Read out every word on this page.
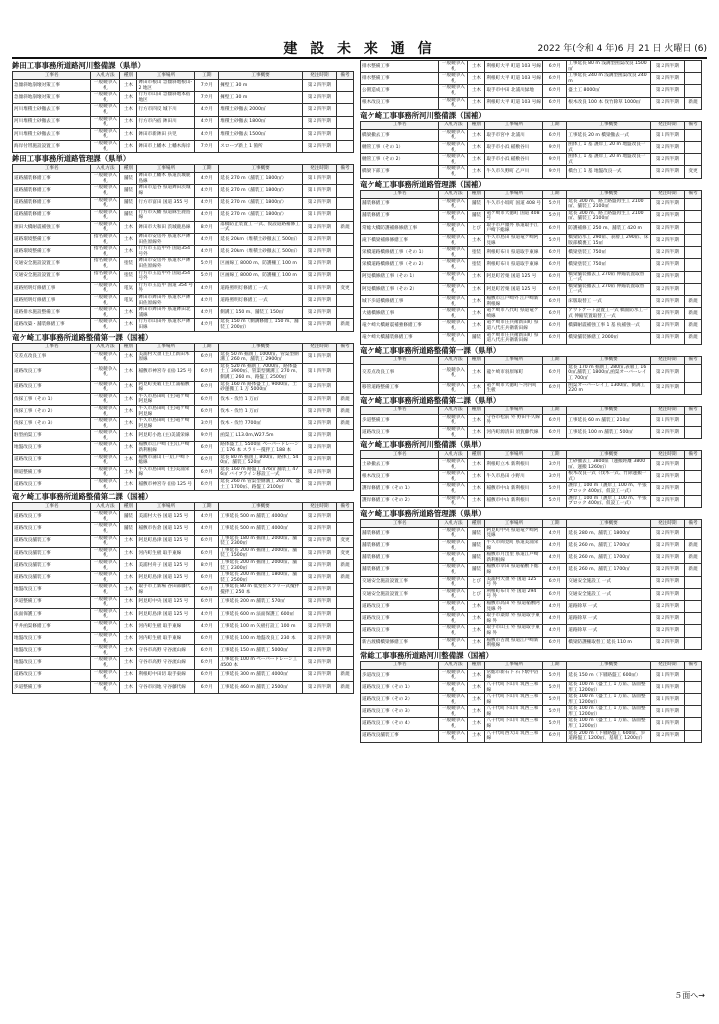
建 設 未 来 通 信	2022 年(令和 4 年)6 月 21 日 火曜日 (6)
鉾田工事事務所道路河川整備課（県単）
工事名	入札方法	種別	工事場所	工期	工事概要	発注時期	備考
急傾斜地崩壊対策工事	一般競争入札	土木	鉾田市根山 急傾斜地根山-2 地区	7カ月	擁壁工 30 m	第２四半期	
急傾斜地崩壊対策工事	一般競争入札	土木	行方市山田 急傾斜地本宿地区	7カ月	擁壁工 30 m	第２四半期	
河川堆積土砂撤去工事	一般競争入札	土木	行方市四反 城下川	4カ月	堆積土砂撤去 2000㎥	第２四半期	
河川堆積土砂撤去工事	一般競争入札	土木	行方市内宿 鉾田川	4カ月	堆積土砂撤去 1800㎥	第２四半期	
河川堆積土砂撤去工事	一般競争入札	土木	鉾田市新鉾田 兵児	4カ月	堆積土砂撤去 1500㎥	第２四半期	
海岸付帯施設設置工事	一般競争入札	土木	鉾田市上幡木 上幡木海岸	7カ月	スロープ新上 1 箇所	第２四半期	
鉾田工事事務所道路管理課（県単）
工事名	入札方法	種別	工事場所	工期	工事概要	発注時期	備考
道路舗装修繕工事	一般競争入札	舗装	鉾田市上幡木 県道茨城鹿島線	4カ月	延長 270 m（舗装工 1800㎡）	第１四半期	
道路舗装修繕工事	一般競争入札	舗装	鉾田市造谷 県道鉾田茨城線	4カ月	延長 270 m（舗装工 1800㎡）	第１四半期	
道路舗装修繕工事	一般競争入札	舗装	行方市富田 国道 355 号	4カ月	延長 270 m（舗装工 1800㎡）	第２四半期	
道路舗装修繕工事	一般競争入札	舗装	行方市矢幡 県道麻生鹿島線	4カ月	延長 270 m（舗装工 1800㎡）	第１四半期	
須田大橋耐震補強工事	一般競争入札	土木	鉾田市大和田 茨城鹿島線	8カ月	落橋防止装置工 一式、仮設道路補修工 一式	第２四半期	新規
道路環境整備工事	指名競争入札	土木	鉾田市安房外 県道水戸鉾田佐原線外	4カ月	延長 20km（堆積土砂撤去工 500㎥）	第２四半期	
道路環境整備工事	指名競争入札	土木	行方市玉造甲外 国道354号外	4カ月	延長 20km（堆積土砂撤去工 500㎥）	第２四半期	
交通安全施設設置工事	指名競争入札	塗装	鉾田市安房外 県道水戸鉾田佐原線外	5カ月	区画線工 8000 m、防護柵工 100 m	第２四半期	
交通安全施設設置工事	指名競争入札	塗装	行方市玉造甲外 国道354号外	5カ月	区画線工 8000 m、防護柵工 100 m	第２四半期	
道路照明灯修繕工事	一般競争入札	電気	行方市玉造甲 国道 354 号外	4カ月	道路照明灯修繕工 一式	第１四半期	変更
道路照明灯修繕工事	一般競争入札	電気	鉾田市鉾田外 県道水戸鉾田佐原線外	4カ月	道路照明灯修繕工 一式	第２四半期	
道路排水施設整備工事	一般競争入札	土木	鉾田市鉾田外 県道鉾田北浦線	4カ月	側溝工 150 m、舗装工 150㎡	第２四半期	
道路改築・舗装修繕工事	一般競争入札	土木	行方市山田外 県道水戸鉾田線	4カ月	延長 150 m（側溝修繕工 150 m、舗装工 200㎡）	第２四半期	新規
竜ケ崎工事事務所道路整備第一課（国補）
工事名	入札方法	種別	工事場所	工期	工事概要	発注時期	備考
交差点改良工事	一般競争入札	土木	美浦村大須 (主)上新田木原線	6カ月	延長 50 m 掘削工 1000㎥、管渠型側溝工 260 m、舗装工 2900㎡	第１四半期	
道路改良工事	一般競争入札	土木	稲敷市神宮寺 (国) 125 号	6カ月	延長 520 m 掘削工 7000㎥、路体盛土工 3900㎥、管渠型側溝工 270 m、側溝工 260 m、路盤工 2500㎡	第１四半期	
道路改良工事	一般競争入札	土木	阿見町実穀 (主)土浦稲敷線	6カ月	延長 160 m 路体盛土工 9000㎥、土砂運搬工 1 万 5000㎥	第２四半期	
伐採工事（その 1）	一般競争入札	土木	牛久市島田町 (主)竜ケ崎阿見線	6カ月	伐木・伐竹 1 万㎡	第２四半期	新規
伐採工事（その 2）	一般競争入札	土木	牛久市島田町 (主)竜ケ崎阿見線	6カ月	伐木・伐竹 1 万㎡	第２四半期	新規
伐採工事（その 3）	一般競争入札	土木	牛久市島田町 (主)竜ケ崎阿見線	3カ月	伐木・伐竹 7700㎡	第２四半期	新規
駐型函渠工事	一般競争入札	土木	阿見町小池 (主)美浦栄線	9カ月	函渠工 L13.0m,W27.5m	第２四半期	
地盤改良工事	一般競争入札	土木	稲敷市江戸崎 (主)江戸崎新利根線	6カ月	路体盛土工 5500㎥ ペーパードレーン工 176 本 スラリー撹拌工 188 本	第２四半期	
道路改良工事	一般競争入札	土木	稲敷市蒲山 (一)江戸崎下総線	6カ月	延長 80 m 掘削工 800㎥、路体工 540㎥、舗装工 520㎡	第２四半期	
側道整備工事	一般競争入札	土木	牛久市島田町 (主)美浦栄線	6カ月	延長 160 m 路盤工 476㎡ 舗装工 476㎡ バイブライン移設工一式	第２四半期	
道路改良工事	一般競争入札	土木	稲敷市神宮寺 (国) 125 号	6カ月	延長 260 m 管渠型側溝工 260 m、盛土工 1700㎥、路盤工 2100㎡	第２四半期	
竜ケ崎工事事務所道路整備第二課（国補）
工事名	入札方法	種別	工事場所	工期	工事概要	発注時期	備考
道路改良工事	一般競争入札	舗装	美浦村大谷 国道 125 号	4カ月	工事延長 500 m 舗装工 4000㎡	第２四半期	
道路改良工事	一般競争入札	舗装	稲敷市佐倉 国道 125 号	4カ月	工事延長 500 m 舗装工 4000㎡	第２四半期	
道路改良舗装工事	一般競争入札	土木	阿見町島津 国道 125 号	6カ月	工事延長 180 m 掘削工 2000㎥、舗装工 2300㎡	第２四半期	変更
道路改良舗装工事	一般競争入札	土木	河内町生板 取手東線	6カ月	工事延長 200 m 掘削工 2000㎥、舗装工 1500㎡	第２四半期	変更
道路改良舗装工事	一般競争入札	土木	美浦村舟子 国道 125 号	8カ月	工事延長 200 m 掘削工 2000㎥、舗装工 2300㎡	第２四半期	新規
道路改良舗装工事	一般競争入札	土木	阿見町島津 国道 125 号	6カ月	工事延長 200 m 掘削工 1800㎥、舗装工 2500㎡	第２四半期	新規
地盤改良工事	一般競争入札	土木	取手市上新場 谷田部藤代線	6カ月	工事延長 80 m 低变位スラリー式攪拌撹拌工 250 本	第２四半期	
歩道整備工事	一般競争入札	土木	阿見町中央 国道 125 号	6カ月	工事延長 200 m 舗装工 570㎡	第２四半期	
法面保護工事	一般競争入札	土木	阿見町島津 国道 125 号	4カ月	工事延長 600 m 法面保護工 600㎡	第２四半期	
平井函渠修繕工事	一般競争入札	土木	河内町生板 取手東線	4カ月	工事延長 100 m 矢板打設工 100 m	第２四半期	
地盤改良工事	一般競争入札	土木	河内町生板 取手東線	6カ月	工事延長 100 m 地盤改良工 230 本	第２四半期	
地盤改良工事	一般競争入札	土木	守谷市高野 守谷流山線	6カ月	工事延長 150 m 舗装工 5000㎡	第２四半期	
地盤改良工事	一般競争入札	土木	守谷市高野 守谷流山線	6カ月	工事延長 100 m ペーパードレーン工 4500 本	第２四半期	
道路改良工事	一般競争入札	土木	利根町中田切 取手東線	6カ月	工事延長 300 m 舗装工 4000㎡	第２四半期	新規
歩道整備工事	一般競争入札	土木	守谷市同地 守谷藤代線	6カ月	工事延長 460 m 舗装工 2500㎡	第２四半期	新規
排水整備工事	一般競争入札	土木	利根町大平 町道 103 号線	6カ月	工事延長 80 m 浅溝型函渠改良 1500㎡	第２四半期	
排水整備工事	一般競争入札	土木	利根町大平 町道 103 号線	6カ月	工事延長 240 m 浅溝型函渠改良 240 m	第２四半期	
公園造成工事	一般競争入札	土木	取手市中田 北浦川緑地	6カ月	盛土工 8000㎥	第２四半期	
根木改良工事	一般競争入札	土木	利根町大平 町道 103 号線	6カ月	根木改良 100 本 伐竹除草 1000㎡	第２四半期	新規
竜ケ崎工事事務所河川整備課（国補）
工事名	入札方法	種別	工事場所	工期	工事概要	発注時期	備考
橋梁撤去工事	一般競争入札	土木	取手市宮中 北浦川	6カ月	工事延長 20 m 橋梁撤去一式	第１四半期	
樋管工事（その 1）	一般競争入札	土木	取手市小浜 稲敷谷川	9カ月	函体工 1 基 護岸工 20 m 地盤改良一式	第２四半期	
樋管工事（その 2）	一般競争入札	土木	取手市小浜 稲敷谷川	9カ月	函体工 1 基 護岸工 20 m 地盤改良一式	第２四半期	
橋梁下部工事	一般競争入札	土木	牛久市久野町 乙戸川	9カ月	橋台工 1 基 地盤改良一式	第２四半期	変更
竜ケ崎工事事務所道路管理課（国補）
工事名	入札方法	種別	工事場所	工期	工事概要	発注時期	備考
舗装修繕工事	一般競争入札	舗装	牛久市小坂町 国道 408 号	5カ月	延長 300 m、路上路盤再生工 2100㎡、舗装工 2100㎡	第２四半期	
舗装修繕工事	一般競争入札	舗装	竜ケ崎市大徳町 国道 408 号	5カ月	延長 300 m、路上路盤再生工 2100㎡、舗装工 2100㎡	第２四半期	
常総大橋防護補修修繕工事	一般競争入札	とび	取手市戸頭外 県道取手江戸崎下総線	6カ月	防護補修工 250 m、舗装工 420 m	第２四半期	
滝下橋梁補修修繕工事	一般競争入札	土木	牛久市島田 県道竜ケ崎阿見線	5カ月	橋梁防水工 290㎡、表層工 290㎡、床版部橋裏工 15㎡	第２四半期	
栄橋道路橋修繕工事（その 1）	一般競争入札	塗装	利根町布川 県道取手東線	6カ月	橋梁塗装工 750㎡	第２四半期	
栄橋道路橋修繕工事（その 2）	一般競争入札	塗装	利根町布川 県道取手東線	6カ月	橋梁塗装工 750㎡	第２四半期	
阿見橋修繕工事（その 1）	一般競争入札	土木	阿見町若栗 国道 125 号	6カ月	橋梁舗装撤去工 270㎡ 伸縮装置取替工一式	第２四半期	
阿見橋修繕工事（その 2）	一般競争入札	土木	阿見町若栗 国道 125 号	6カ月	橋梁舗装撤去工 270㎡ 伸縮装置取替工一式	第２四半期	
城下歩道橋修繕工事	一般競争入札	土木	稲敷市江戸崎外 江戸崎新利根線	6カ月	床版取替工 一式	第２四半期	新規
大徳橋修繕工事	一般競争入札	土木	竜ケ崎市八代町 県道竜ケ崎線	6カ月	アウトゲート設置工一式 橋面防水工一式 伸縮装置取替工一式	第２四半期	新規
竜ケ崎大橋耐震補強修繕工事	一般競争入札	土木	竜ケ崎市庄兵衛新田町 県道八代庄兵衛新田線	6カ月	橋脚耐震補強工事 1 基 杭補強一式	第２四半期	新規
竜ケ崎大橋舗装修繕工事	一般競争入札	舗装	竜ケ崎市庄兵衛新田町 県道八代庄兵衛新田線	6カ月	橋梁舗装修繕工 2000㎡	第３四半期	新規
竜ケ崎工事事務所道路整備第一課（県単）
工事名	入札方法	種別	工事場所	工期	工事概要	発注時期	備考
交差点改良工事	一般競争入札	土木	龍ケ崎市羽原塚町	6カ月	延長 170 m 掘削工 280㎥,表層工 160㎡,舗装工 1800㎡,函渠オーバーレイ工 700㎡	第２四半期	
移管道路整備工事	一般競争入札	土木	竜ケ崎市大徳町〜河内町生板	6カ月	函渠オーバーレイ工 1300㎡、側溝工 220 m	第２四半期	
竜ケ崎工事事務所道路整備第二課（県単）
工事名	入札方法	種別	工事場所	工期	工事概要	発注時期	備考
歩道整備工事	一般競争入札	土木	守谷市松前 外 野田牛久線 外	6カ月	工事延長 60 m 舗装工 210㎡	第１四半期	
道路改良工事	一般競争入札	土木	河内町源清田 須賀藤代線	6カ月	工事延長 100 m 舗装工 500㎡	第２四半期	
竜ケ崎工事事務所河川整備課（県単）
工事名	入札方法	種別	工事場所	工期	工事概要	発注時期	備考
土砂撤去工事	一般競争入札	土木	利根町立木 新利根川	3カ月	土砂撤去工 3800㎥（運搬距離 3800㎥、運搬 1260㎥）	第２四半期	
根木改良工事	一般競争入札	土木	牛久市島田 小野川	3カ月	根木改良一式（伐木一式、竹除運搬一式）	第２四半期	
護岸修繕工事（その 1）	一般競争入札	土木	稲敷市中山 新利根川	5カ月	護岸工 100 m（護岸工 100 m、平張ブロック 400㎡、仮設工一式）	第２四半期	
護岸修繕工事（その 2）	一般競争入札	土木	稲敷市中山 新利根川	5カ月	護岸工 100 m（護岸工 100 m、平張ブロック 400㎡、仮設工一式）	第２四半期	
竜ケ崎工事事務所道路管理課（県単）
工事名	入札方法	種別	工事場所	工期	工事概要	発注時期	備考
舗装修繕工事	一般競争入札	舗装	阿見町中央 県道竜ケ崎阿見線	4カ月	延長 280 m、舗装工 1800㎡	第２四半期	
舗装修繕工事	一般競争入札	舗装	牛久市岡見町 県道美浦栄線	4カ月	延長 260 m、舗装工 1700㎡	第２四半期	新規
舗装修繕工事	一般競争入札	舗装	稲敷市月出里 県道江戸崎新利根線	4カ月	延長 260 m、舗装工 1700㎡	第２四半期	新規
舗装修繕工事	一般競争入札	舗装	稲敷市幸田 県道稲敷下総線	4カ月	延長 260 m、舗装工 1700㎡	第２四半期	新規
交通安全施設設置工事	一般競争入札	とび	美浦村大須 外 国道 125 号 外	6カ月	交通安全施設工 一式	第２四半期	
交通安全施設設置工事	一般競争入札	とび	利根町布川 外 国道 294 号 外	6カ月	交通安全施設工 一式	第２四半期	
道路改良工事	一般競争入札	土木	稲敷市高田 外 県道稲敷阿見線 外	4カ月	道路除草 一式	第２四半期	
道路改良工事	一般競争入札	土木	取手市桑原 外 県道取手東線 外	4カ月	道路除草 一式	第２四半期	
道路改良工事	一般競争入札	土木	取手市山王 外 県道取手東線 外	4カ月	道路除草 一式	第２四半期	
新古渡橋橋梁修繕工事	一般競争入札	土木	稲敷市古渡 県道江戸崎新利根線	6カ月	橋梁防護柵取替工 延長 110 m	第２四半期	
常総工事事務所道路河川整備課（国補）
工事名	入札方法	種別	工事場所	工期	工事概要	発注時期	備考
歩道改良工事	一般競争入札	土木	常総市新石下 石下駅中沼線	5カ月	延長 150 m（下層路盤工 600㎡）	第１四半期	
道路改良工事（その 1）	一般競争入札	土木	八千代町下山川 筑西三和線	5カ月	延長 100 m（盛土工 1 万㎥、法面整形工 1200㎡）	第１四半期	
道路改良工事（その 2）	一般競争入札	土木	八千代町下山川 筑西三和線	5カ月	延長 100 m（盛土工 1 万㎥、法面整形工 1200㎡）	第１四半期	
道路改良工事（その 3）	一般競争入札	土木	八千代町下山川 筑西三和線	5カ月	延長 100 m（盛土工 1 万㎥、法面整形工 1200㎡）	第１四半期	
道路改良工事（その 4）	一般競争入札	土木	八千代町下山川 筑西三和線	5カ月	延長 100 m（盛土工 1 万㎥、法面整形工 1200㎡）	第１四半期	
道路改良舗装工事	一般競争入札	土木	八千代町西大山 筑西三和線	6カ月	延長 200 m（下層路盤工 600㎡、歩道路盤工 1200㎡、基層工 1200㎡）	第２四半期	
５面へ→
